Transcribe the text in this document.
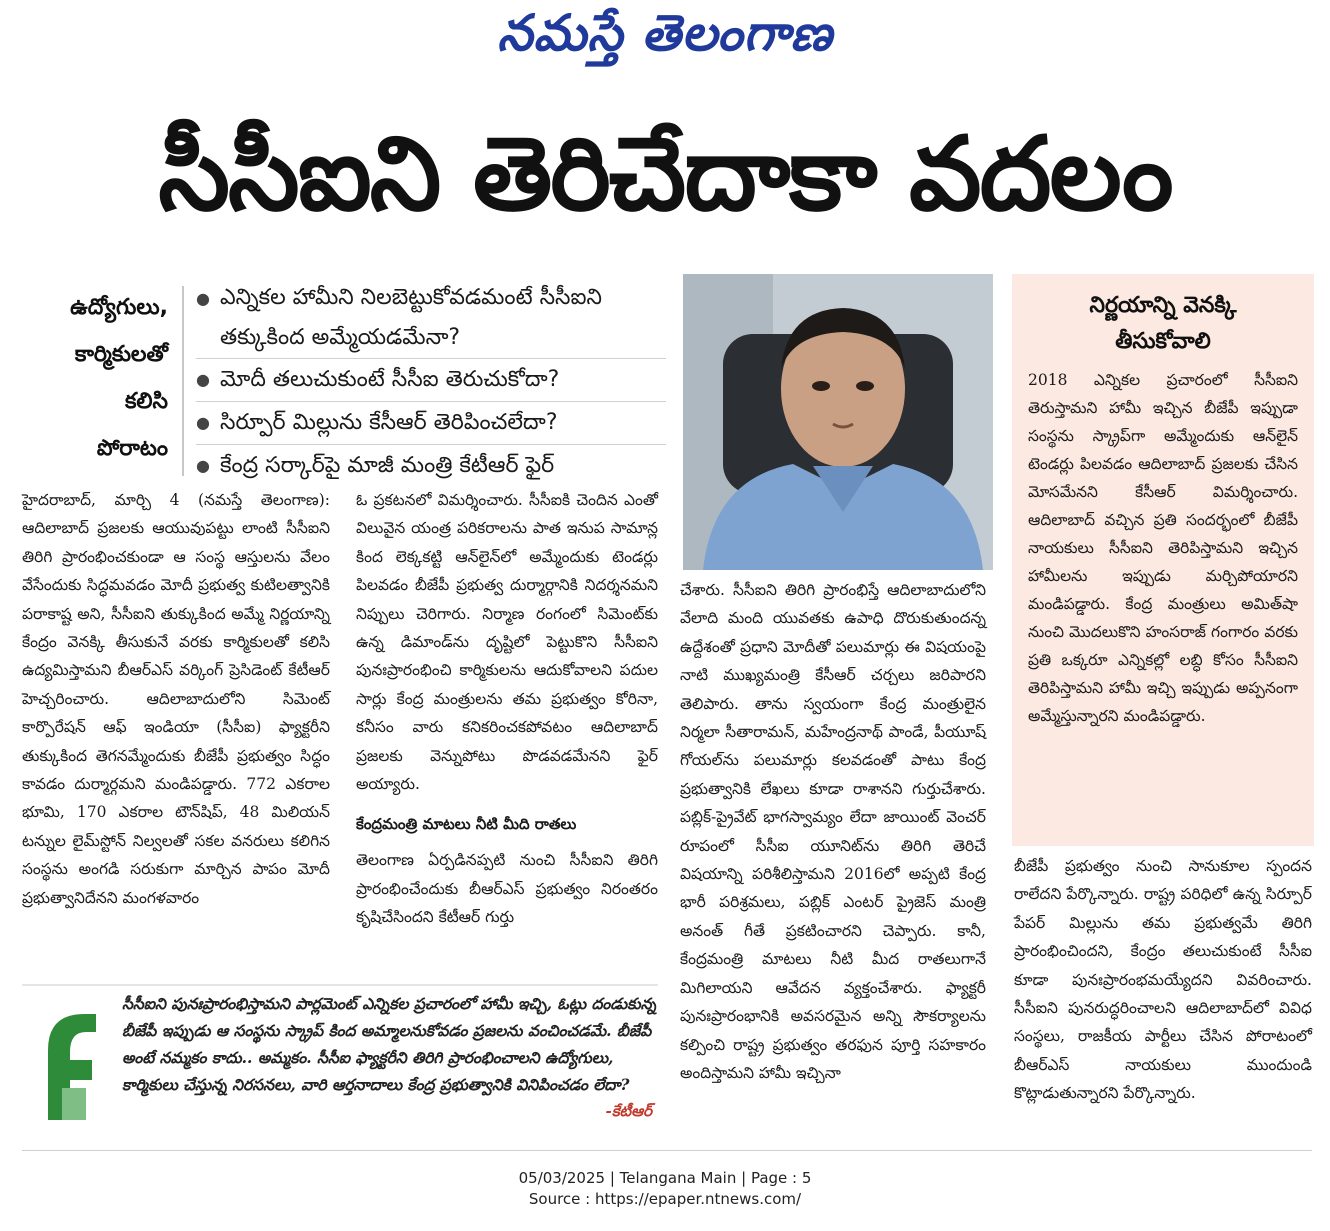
నమస్తే తెలంగాణ
సీసీఐని తెరిచేదాకా వదలం
ఉద్యోగులు,
కార్మికులతో
కలిసి
పోరాటం
● ఎన్నికల హామీని నిలబెట్టుకోవడమంటే సీసీఐని తక్కుకింద అమ్మేయడమేనా?
● మోదీ తలుచుకుంటే సీసీఐ తెరుచుకోదా?
● సిర్పూర్ మిల్లును కేసీఆర్ తెరిపించలేదా?
● కేంద్ర సర్కార్‌పై మాజీ మంత్రి కేటీఆర్ ఫైర్

హైదరాబాద్, మార్చి 4 (నమస్తే తెలంగాణ): ఆదిలాబాద్ ప్రజలకు ఆయువుపట్టు లాంటి సీసీఐని తిరిగి ప్రారంభించకుండా ఆ సంస్థ ఆస్తులను వేలం వేసేందుకు సిద్ధమవడం మోదీ ప్రభుత్వ కుటిలత్వానికి పరాకాష్ట అని, సీసీఐని తుక్కుకింద అమ్మే నిర్ణయాన్ని కేంద్రం వెనక్కి తీసుకునే వరకు కార్మికులతో కలిసి ఉద్యమిస్తామని బీఆర్ఎస్ వర్కింగ్ ప్రెసిడెంట్ కేటీఆర్ హెచ్చరించారు. ఆదిలాబాదులోని సిమెంట్ కార్పొరేషన్ ఆఫ్ ఇండియా (సీసీఐ) ఫ్యాక్టరీని తుక్కుకింద తెగనమ్మేందుకు బీజేపీ ప్రభుత్వం సిద్ధం కావడం దుర్మార్గమని మండిపడ్డారు. 772 ఎకరాల భూమి, 170 ఎకరాల టౌన్‌షిప్, 48 మిలియన్ టన్నుల లైమ్‌స్టోన్ నిల్వలతో సకల వనరులు కలిగిన సంస్థను అంగడి సరుకుగా మార్చిన పాపం మోదీ ప్రభుత్వానిదేనని మంగళవారం

ఓ ప్రకటనలో విమర్శించారు. సీసీఐకి చెందిన ఎంతో విలువైన యంత్ర పరికరాలను పాత ఇనుప సామాన్ల కింద లెక్కకట్టి ఆన్‌లైన్‌లో అమ్మేందుకు టెండర్లు పిలవడం బీజేపీ ప్రభుత్వ దుర్మార్గానికి నిదర్శనమని నిప్పులు చెరిగారు. నిర్మాణ రంగంలో సిమెంట్‌కు ఉన్న డిమాండ్‌ను దృష్టిలో పెట్టుకొని సీసీఐని పునఃప్రారంభించి కార్మికులను ఆదుకోవాలని పదుల సార్లు కేంద్ర మంత్రులను తమ ప్రభుత్వం కోరినా, కనీసం వారు కనికరించకపోవటం ఆదిలాబాద్ ప్రజలకు వెన్నుపోటు పొడవడమేనని ఫైర్ అయ్యారు.

కేంద్రమంత్రి మాటలు నీటి మీది రాతలు

తెలంగాణ ఏర్పడినప్పటి నుంచి సీసీఐని తిరిగి ప్రారంభించేందుకు బీఆర్ఎస్ ప్రభుత్వం నిరంతరం కృషిచేసిందని కేటీఆర్ గుర్తు

చేశారు. సీసీఐని తిరిగి ప్రారంభిస్తే ఆదిలాబాదులోని వేలాది మంది యువతకు ఉపాధి దొరుకుతుందన్న ఉద్దేశంతో ప్రధాని మోదీతో పలుమార్లు ఈ విషయంపై నాటి ముఖ్యమంత్రి కేసీఆర్ చర్చలు జరిపారని తెలిపారు. తాను స్వయంగా కేంద్ర మంత్రులైన నిర్మలా సీతారామన్, మహేంద్రనాథ్ పాండే, పీయూష్ గోయల్‌ను పలుమార్లు కలవడంతో పాటు కేంద్ర ప్రభుత్వానికి లేఖలు కూడా రాశానని గుర్తుచేశారు. పబ్లిక్-ప్రైవేట్ భాగస్వామ్యం లేదా జాయింట్ వెంచర్ రూపంలో సీసీఐ యూనిట్‌ను తిరిగి తెరిచే విషయాన్ని పరిశీలిస్తామని 2016లో అప్పటి కేంద్ర భారీ పరిశ్రమలు, పబ్లిక్ ఎంటర్ ప్రైజెస్ మంత్రి అనంత్ గీతే ప్రకటించారని చెప్పారు. కానీ, కేంద్రమంత్రి మాటలు నీటి మీద రాతలుగానే మిగిలాయని ఆవేదన వ్యక్తంచేశారు. ఫ్యాక్టరీ పునఃప్రారంభానికి అవసరమైన అన్ని సౌకర్యాలను కల్పించి రాష్ట్ర ప్రభుత్వం తరఫున పూర్తి సహకారం అందిస్తామని హామీ ఇచ్చినా

నిర్ణయాన్ని వెనక్కి
తీసుకోవాలి

2018 ఎన్నికల ప్రచారంలో సీసీఐని తెరుస్తామని హామీ ఇచ్చిన బీజేపీ ఇప్పుడా సంస్థను స్క్రాప్‌గా అమ్మేందుకు ఆన్‌లైన్ టెండర్లు పిలవడం ఆదిలాబాద్ ప్రజలకు చేసిన మోసమేనని కేసీఆర్ విమర్శించారు. ఆదిలాబాద్ వచ్చిన ప్రతి సందర్భంలో బీజేపీ నాయకులు సీసీఐని తెరిపిస్తామని ఇచ్చిన హామీలను ఇప్పుడు మర్చిపోయారని మండిపడ్డారు. కేంద్ర మంత్రులు అమిత్‌షా నుంచి మొదలుకొని హంసరాజ్ గంగారం వరకు ప్రతి ఒక్కరూ ఎన్నికల్లో లబ్ధి కోసం సీసీఐని తెరిపిస్తామని హామీ ఇచ్చి ఇప్పుడు అప్పనంగా అమ్మేస్తున్నారని మండిపడ్డారు.

బీజేపీ ప్రభుత్వం నుంచి సానుకూల స్పందన రాలేదని పేర్కొన్నారు. రాష్ట్ర పరిధిలో ఉన్న సిర్పూర్ పేపర్ మిల్లును తమ ప్రభుత్వమే తిరిగి ప్రారంభించిందని, కేంద్రం తలుచుకుంటే సీసీఐ కూడా పునఃప్రారంభమయ్యేదని వివరించారు. సీసీఐని పునరుద్ధరించాలని ఆదిలాబాద్‌లో వివిధ సంస్థలు, రాజకీయ పార్టీలు చేసిన పోరాటంలో బీఆర్ఎస్ నాయకులు ముందుండి కొట్లాడుతున్నారని పేర్కొన్నారు.

సీసీఐని పునఃప్రారంభిస్తామని పార్లమెంట్ ఎన్నికల ప్రచారంలో హామీ ఇచ్చి, ఓట్లు దండుకున్న బీజేపీ ఇప్పుడు ఆ సంస్థను స్క్రాప్ కింద అమ్మాలనుకోవడం ప్రజలను వంచించడమే. బీజేపీ అంటే నమ్మకం కాదు.. అమ్మకం. సీసీఐ ఫ్యాక్టరీని తిరిగి ప్రారంభించాలని ఉద్యోగులు, కార్మికులు చేస్తున్న నిరసనలు, వారి ఆర్తనాదాలు కేంద్ర ప్రభుత్వానికి వినిపించడం లేదా?
-కేటీఆర్
05/03/2025 | Telangana Main | Page : 5
Source : https://epaper.ntnews.com/
